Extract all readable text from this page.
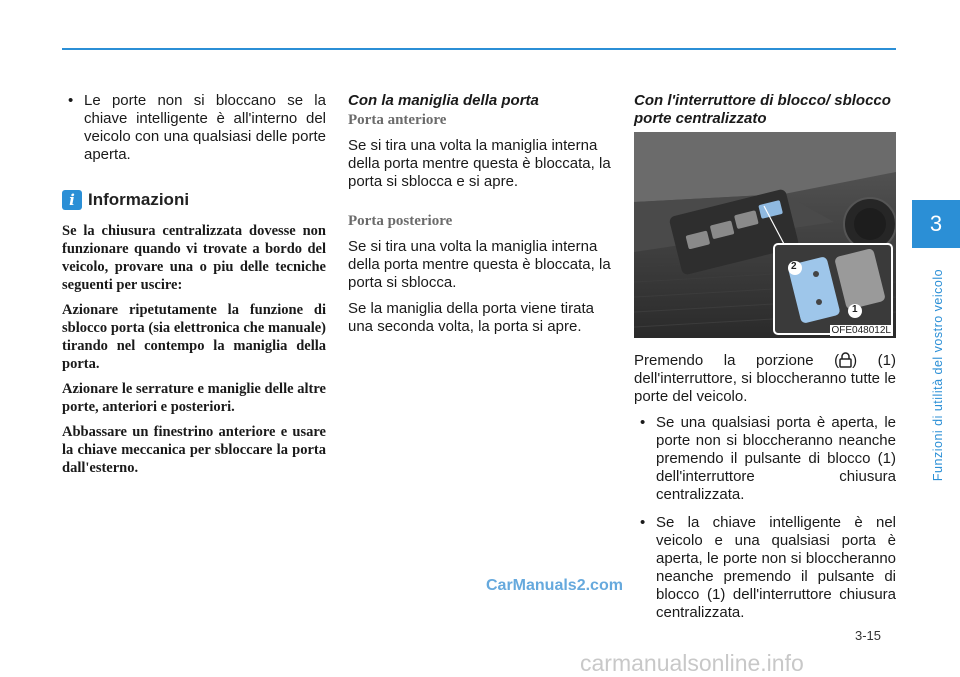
• Le porte non si bloccano se la chiave intelligente è all'interno del veicolo con una qualsiasi delle porte aperta.

i Informazioni

Se la chiusura centralizzata dovesse non funzionare quando vi trovate a bordo del veicolo, provare una o piu delle tecniche seguenti per uscire:

Azionare ripetutamente la funzione di sblocco porta (sia elettronica che manuale) tirando nel contempo la maniglia della porta.

Azionare le serrature e maniglie delle altre porte, anteriori e posteriori.

Abbassare un finestrino anteriore e usare la chiave meccanica per sbloccare la porta dall'esterno.

Con la maniglia della porta
Porta anteriore

Se si tira una volta la maniglia interna della porta mentre questa è bloccata, la porta si sblocca e si apre.

Porta posteriore

Se si tira una volta la maniglia interna della porta mentre questa è bloccata, la porta si sblocca.

Se la maniglia della porta viene tirata una seconda volta, la porta si apre.

Con l'interruttore di blocco/ sblocco porte centralizzato
2
1
OFE048012L

Premendo la porzione ( ) (1) dell'interruttore, si bloccheranno tutte le porte del veicolo.

• Se una qualsiasi porta è aperta, le porte non si bloccheranno neanche premendo il pulsante di blocco (1) dell'interruttore chiusura centralizzata.

• Se la chiave intelligente è nel veicolo e una qualsiasi porta è aperta, le porte non si bloccheranno neanche premendo il pulsante di blocco (1) dell'interruttore chiusura centralizzata.

3
Funzioni di utilità del vostro veicolo
3-15
CarManuals2.com
carmanualsonline.info
